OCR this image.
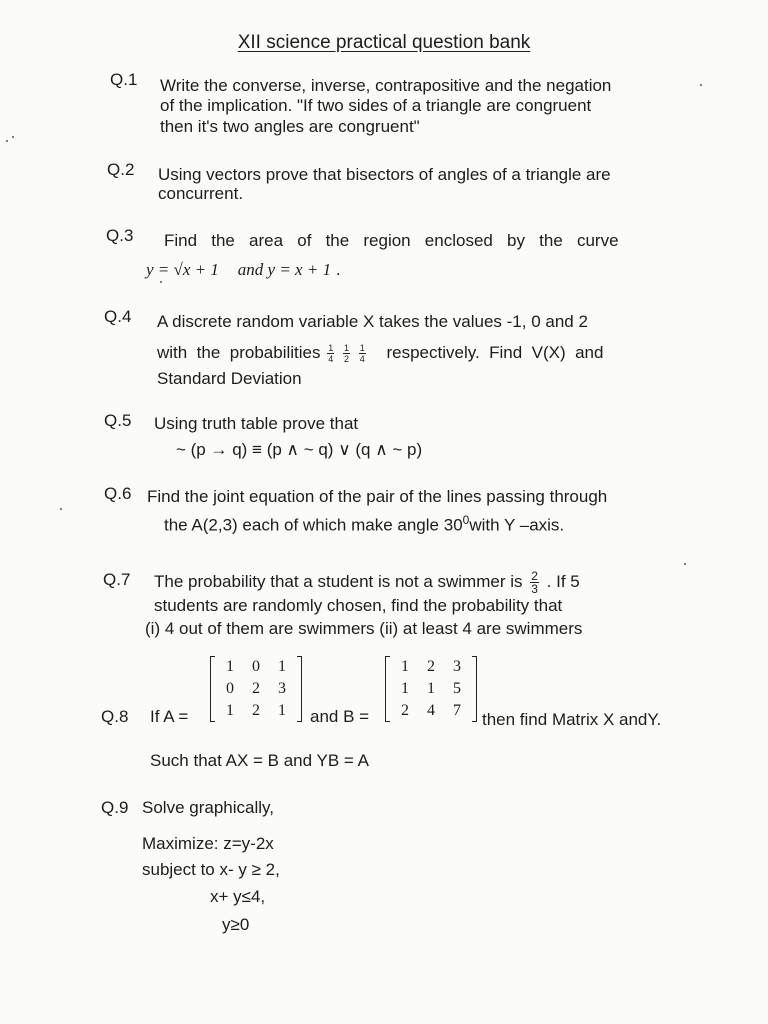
XII science practical question bank
Q.1 Write the converse, inverse, contrapositive and the negation
of the implication. "If two sides of a triangle are congruent
then it's two angles are congruent"
Q.2 Using vectors prove that bisectors of angles of a triangle are
concurrent.
Q.3 Find   the   area   of   the   region   enclosed   by   the   curve
y = √x + 1 and y = x + 1 .
Q.4 A discrete random variable X takes the values -1, 0 and 2
with  the  probabilities $\frac{1}{4}$
$\frac{1}{2}$
$\frac{1}{4}$ respectively.  Find  V(X)  and
Standard Deviation
Q.5 Using truth table prove that
~ (p → q) ≡ (p ∧ ~ q) ∨ (q ∧ ~ p)
Q.6 Find the joint equation of the pair of the lines passing through
the A(2,3) each of which make angle $30^0with$ Y –axis.
Q.7 The probability that a student is not a swimmer is $\frac{2}{3}$ . If 5
students are randomly chosen, find the probability that
(i) 4 out of them are swimmers (ii) at least 4 are swimmers
Q.8 If A =
1	0	1
0	2	3
1	2	1 and B =
1	2	3
1	1	5
2	4	7 then find Matrix X andY.
Such that AX = B and YB = A
Q.9 Solve graphically,
Maximize: z=y-2x
subject to x- y ≥ 2,
x+ y≤4,
y≥0
